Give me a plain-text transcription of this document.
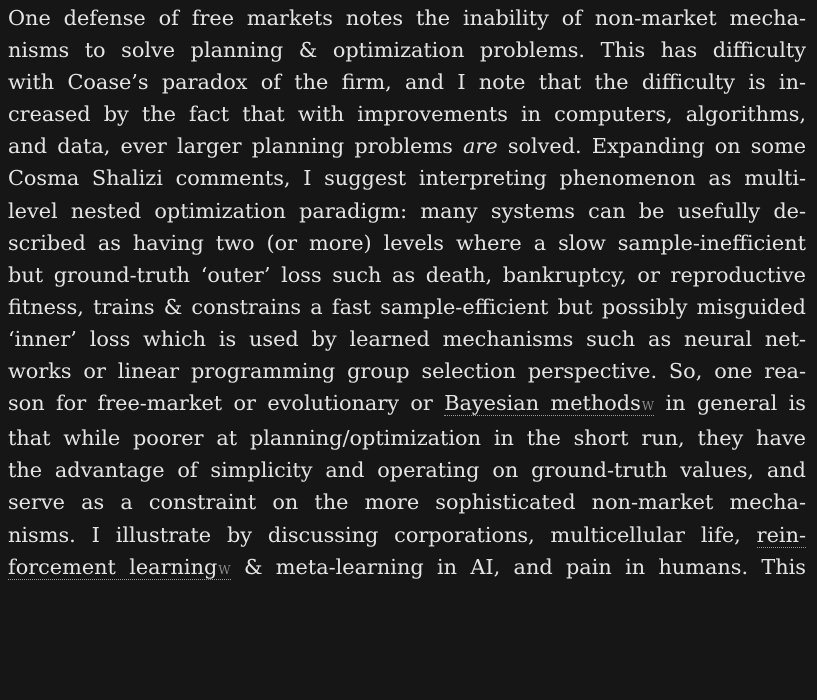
One defense of free markets notes the inability of non-market mecha-
nisms to solve planning & optimization problems. This has difficulty
with Coase’s paradox of the firm, and I note that the difficulty is in-
creased by the fact that with improvements in computers, algorithms,
and data, ever larger planning problems are solved. Expanding on some
Cosma Shalizi comments, I suggest interpreting phenomenon as multi-
level nested optimization paradigm: many systems can be usefully de-
scribed as having two (or more) levels where a slow sample-inefficient
but ground-truth ‘outer’ loss such as death, bankruptcy, or reproductive
fitness, trains & constrains a fast sample-efficient but possibly misguided
‘inner’ loss which is used by learned mechanisms such as neural net-
works or linear programming group selection perspective. So, one rea-
son for free-market or evolutionary or Bayesian methodsW in general is
that while poorer at planning/optimization in the short run, they have
the advantage of simplicity and operating on ground-truth values, and
serve as a constraint on the more sophisticated non-market mecha-
nisms. I illustrate by discussing corporations, multicellular life, rein-
forcement learningW & meta-learning in AI, and pain in humans. This
